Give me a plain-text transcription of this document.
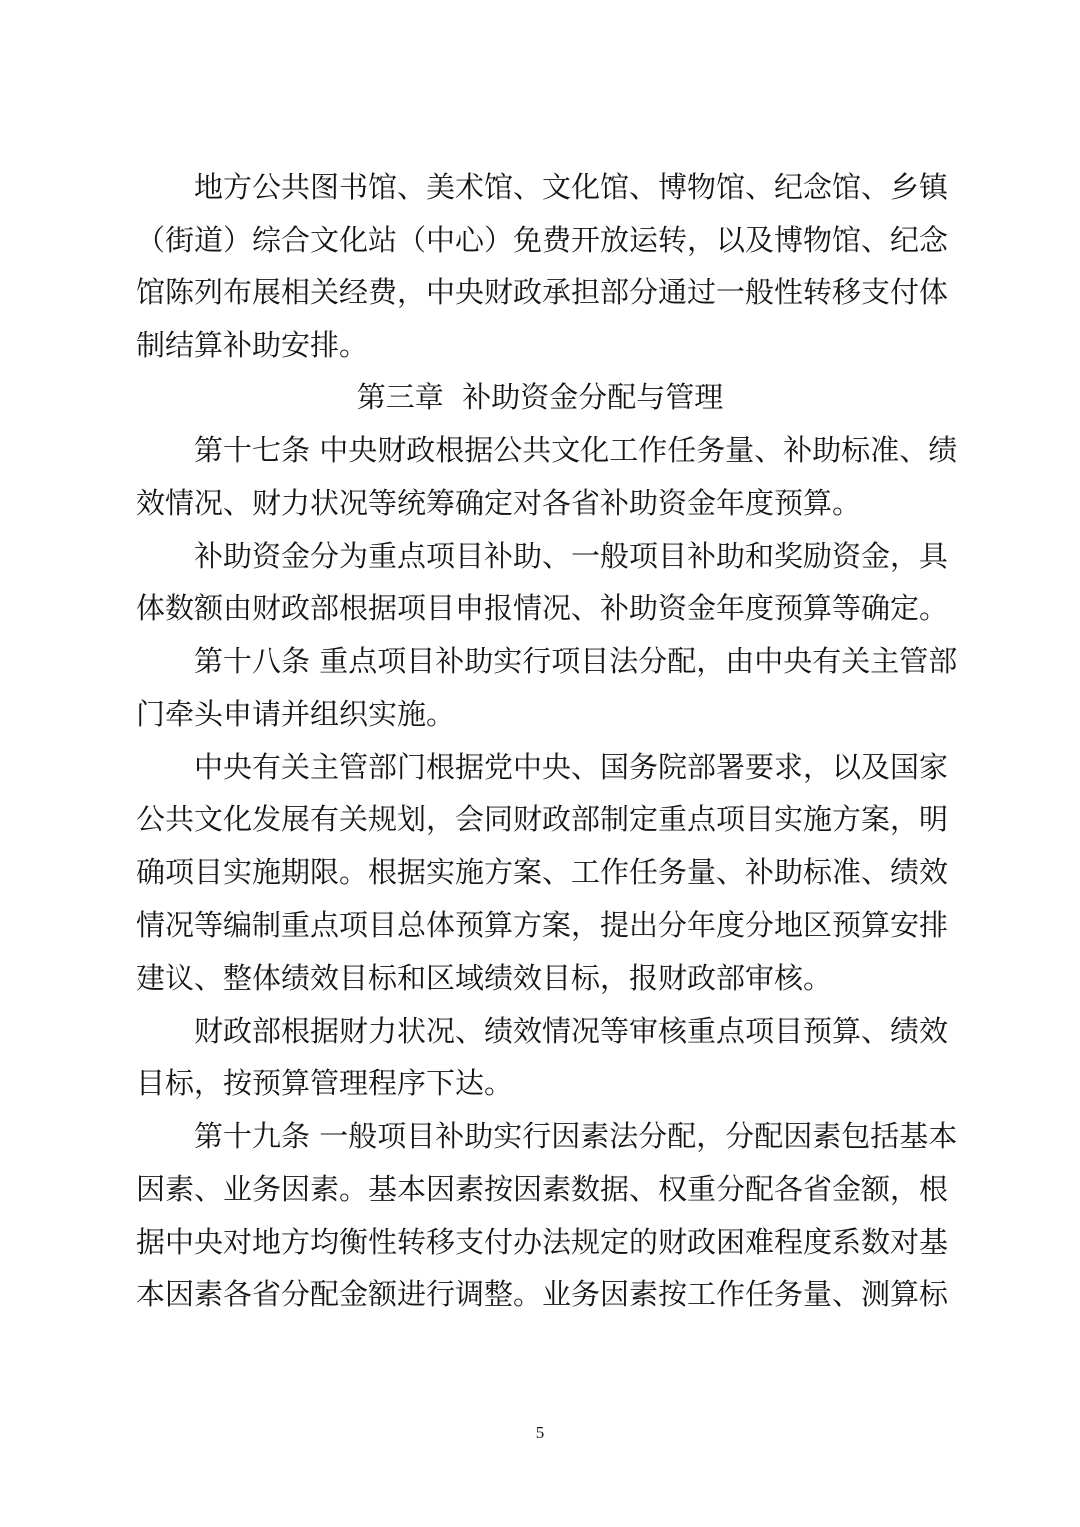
地方公共图书馆、美术馆、文化馆、博物馆、纪念馆、乡镇
（街道）综合文化站（中心）免费开放运转，以及博物馆、纪念
馆陈列布展相关经费，中央财政承担部分通过一般性转移支付体
制结算补助安排。
第三章  补助资金分配与管理
第十七条 中央财政根据公共文化工作任务量、补助标准、绩
效情况、财力状况等统筹确定对各省补助资金年度预算。
补助资金分为重点项目补助、一般项目补助和奖励资金，具
体数额由财政部根据项目申报情况、补助资金年度预算等确定。
第十八条 重点项目补助实行项目法分配，由中央有关主管部
门牵头申请并组织实施。
中央有关主管部门根据党中央、国务院部署要求，以及国家
公共文化发展有关规划，会同财政部制定重点项目实施方案，明
确项目实施期限。根据实施方案、工作任务量、补助标准、绩效
情况等编制重点项目总体预算方案，提出分年度分地区预算安排
建议、整体绩效目标和区域绩效目标，报财政部审核。
财政部根据财力状况、绩效情况等审核重点项目预算、绩效
目标，按预算管理程序下达。
第十九条 一般项目补助实行因素法分配，分配因素包括基本
因素、业务因素。基本因素按因素数据、权重分配各省金额，根
据中央对地方均衡性转移支付办法规定的财政困难程度系数对基
本因素各省分配金额进行调整。业务因素按工作任务量、测算标
5
